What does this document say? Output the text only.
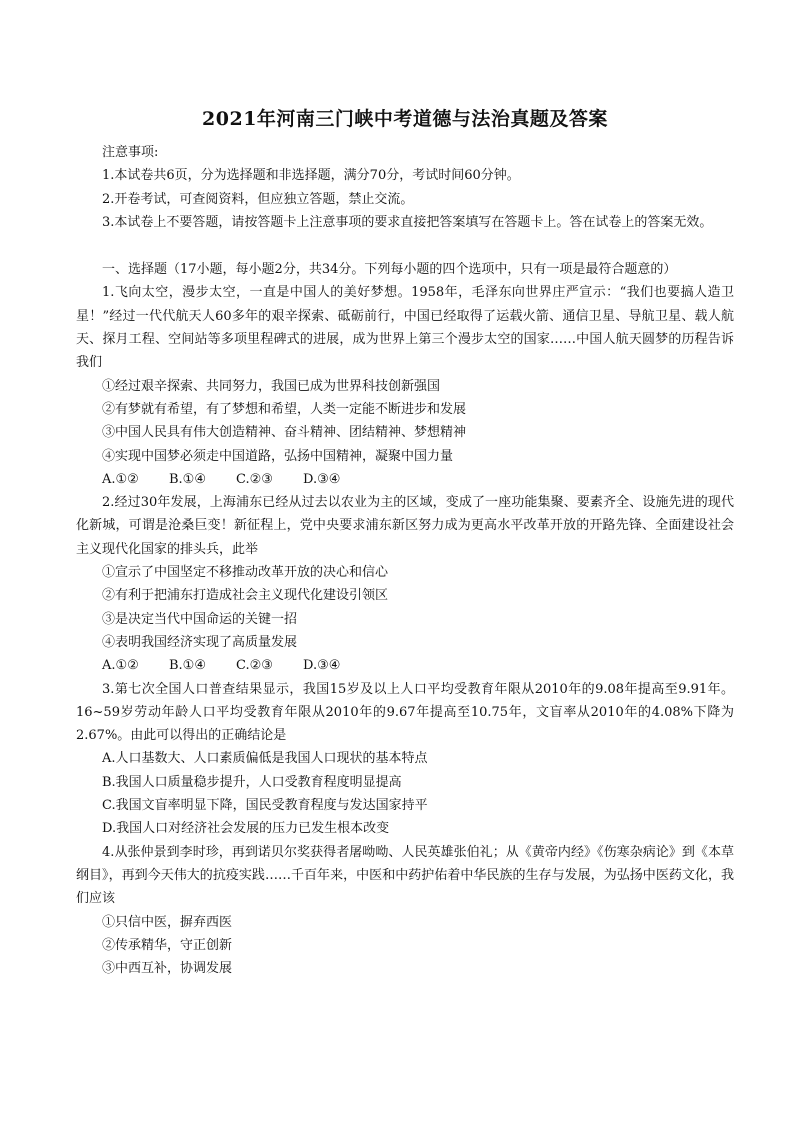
2021年河南三门峡中考道德与法治真题及答案
注意事项:
1.本试卷共6页，分为选择题和非选择题，满分70分，考试时间60分钟。
2.开卷考试，可查阅资料，但应独立答题，禁止交流。
3.本试卷上不要答题，请按答题卡上注意事项的要求直接把答案填写在答题卡上。答在试卷上的答案无效。
一、选择题（17小题，每小题2分，共34分。下列每小题的四个选项中，只有一项是最符合题意的）
1.飞向太空，漫步太空，一直是中国人的美好梦想。1958年，毛泽东向世界庄严宣示：“我们也要搞人造卫星！”经过一代代航天人60多年的艰辛探索、砥砺前行，中国已经取得了运载火箭、通信卫星、导航卫星、载人航天、探月工程、空间站等多项里程碑式的进展，成为世界上第三个漫步太空的国家……中国人航天圆梦的历程告诉我们
①经过艰辛探索、共同努力，我国已成为世界科技创新强国
②有梦就有希望，有了梦想和希望，人类一定能不断进步和发展
③中国人民具有伟大创造精神、奋斗精神、团结精神、梦想精神
④实现中国梦必须走中国道路，弘扬中国精神，凝聚中国力量
A.①② B.①④ C.②③ D.③④
2.经过30年发展，上海浦东已经从过去以农业为主的区域，变成了一座功能集聚、要素齐全、设施先进的现代化新城，可谓是沧桑巨变！新征程上，党中央要求浦东新区努力成为更高水平改革开放的开路先锋、全面建设社会主义现代化国家的排头兵，此举
①宣示了中国坚定不移推动改革开放的决心和信心
②有利于把浦东打造成社会主义现代化建设引领区
③是决定当代中国命运的关键一招
④表明我国经济实现了高质量发展
A.①② B.①④ C.②③ D.③④
3.第七次全国人口普查结果显示，我国15岁及以上人口平均受教育年限从2010年的9.08年提高至9.91年。16~59岁劳动年龄人口平均受教育年限从2010年的9.67年提高至10.75年，文盲率从2010年的4.08%下降为2.67%。由此可以得出的正确结论是
A.人口基数大、人口素质偏低是我国人口现状的基本特点
B.我国人口质量稳步提升，人口受教育程度明显提高
C.我国文盲率明显下降，国民受教育程度与发达国家持平
D.我国人口对经济社会发展的压力已发生根本改变
4.从张仲景到李时珍，再到诺贝尔奖获得者屠呦呦、人民英雄张伯礼；从《黄帝内经》《伤寒杂病论》到《本草纲目》，再到今天伟大的抗疫实践……千百年来，中医和中药护佑着中华民族的生存与发展，为弘扬中医药文化，我们应该
①只信中医，摒弃西医
②传承精华，守正创新
③中西互补，协调发展
